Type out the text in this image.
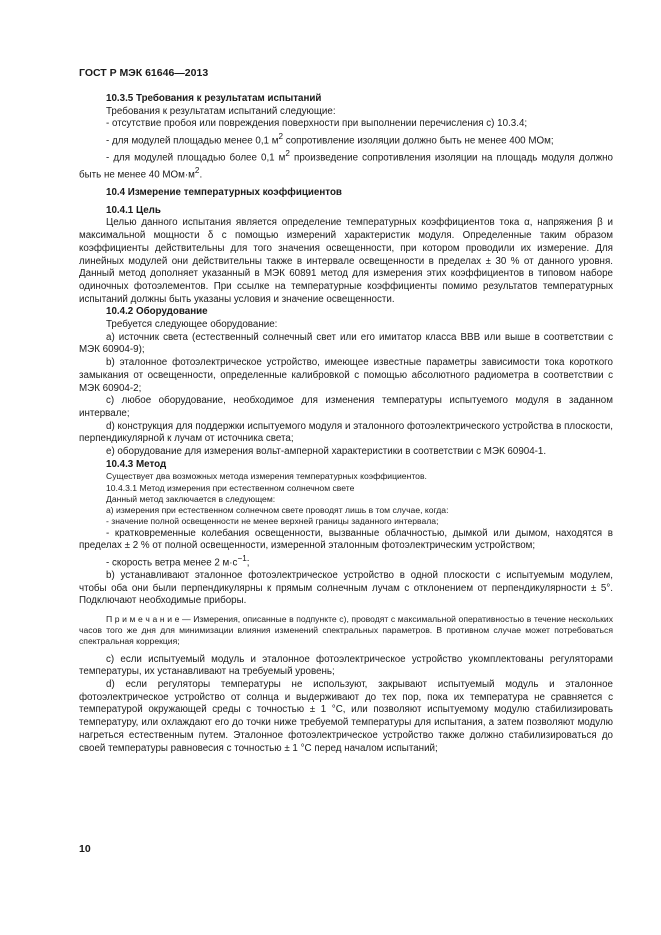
ГОСТ Р МЭК 61646—2013

10.3.5 Требования к результатам испытаний

Требования к результатам испытаний следующие:

- отсутствие пробоя или повреждения поверхности при выполнении перечисления с) 10.3.4;

- для модулей площадью менее 0,1 $м^2$ сопротивление изоляции должно быть не менее 400 МОм;

- для модулей площадью более 0,1 $м^2$ произведение сопротивления изоляции на площадь модуля должно быть не менее 40 $МОм\cdot м^2$.

10.4 Измерение температурных коэффициентов

10.4.1 Цель

Целью данного испытания является определение температурных коэффициентов тока α, напряжения β и максимальной мощности δ с помощью измерений характеристик модуля. Определенные таким образом коэффициенты действительны для того значения освещенности, при котором проводили их измерение. Для линейных модулей они действительны также в интервале освещенности в пределах ± 30 % от данного уровня. Данный метод дополняет указанный в МЭК 60891 метод для измерения этих коэффициентов в типовом наборе одиночных фотоэлементов. При ссылке на температурные коэффициенты помимо результатов температурных испытаний должны быть указаны условия и значение освещенности.

10.4.2 Оборудование

Требуется следующее оборудование:

а) источник света (естественный солнечный свет или его имитатор класса ВВВ или выше в соответствии с МЭК 60904-9);

b) эталонное фотоэлектрическое устройство, имеющее известные параметры зависимости тока короткого замыкания от освещенности, определенные калибровкой с помощью абсолютного радиометра в соответствии с МЭК 60904-2;

с) любое оборудование, необходимое для изменения температуры испытуемого модуля в заданном интервале;

d) конструкция для поддержки испытуемого модуля и эталонного фотоэлектрического устройства в плоскости, перпендикулярной к лучам от источника света;

е) оборудование для измерения вольт-амперной характеристики в соответствии с МЭК 60904-1.

10.4.3 Метод

Существует два возможных метода измерения температурных коэффициентов.

10.4.3.1 Метод измерения при естественном солнечном свете

Данный метод заключается в следующем:

а) измерения при естественном солнечном свете проводят лишь в том случае, когда:

- значение полной освещенности не менее верхней границы заданного интервала;

- кратковременные колебания освещенности, вызванные облачностью, дымкой или дымом, находятся в пределах ± 2 % от полной освещенности, измеренной эталонным фотоэлектрическим устройством;

- скорость ветра менее 2 $м\cdot с^{-1}$;

b) устанавливают эталонное фотоэлектрическое устройство в одной плоскости с испытуемым модулем, чтобы оба они были перпендикулярны к прямым солнечным лучам с отклонением от перпендикулярности ± 5°. Подключают необходимые приборы.

П р и м е ч а н и е — Измерения, описанные в подпункте с), проводят с максимальной оперативностью в течение нескольких часов того же дня для минимизации влияния изменений спектральных параметров. В противном случае может потребоваться спектральная коррекция;

с) если испытуемый модуль и эталонное фотоэлектрическое устройство укомплектованы регуляторами температуры, их устанавливают на требуемый уровень;

d) если регуляторы температуры не используют, закрывают испытуемый модуль и эталонное фотоэлектрическое устройство от солнца и выдерживают до тех пор, пока их температура не сравняется с температурой окружающей среды с точностью ± 1 °С, или позволяют испытуемому модулю стабилизировать температуру, или охлаждают его до точки ниже требуемой температуры для испытания, а затем позволяют модулю нагреться естественным путем. Эталонное фотоэлектрическое устройство также должно стабилизироваться до своей температуры равновесия с точностью ± 1 °С перед началом испытаний;

10
